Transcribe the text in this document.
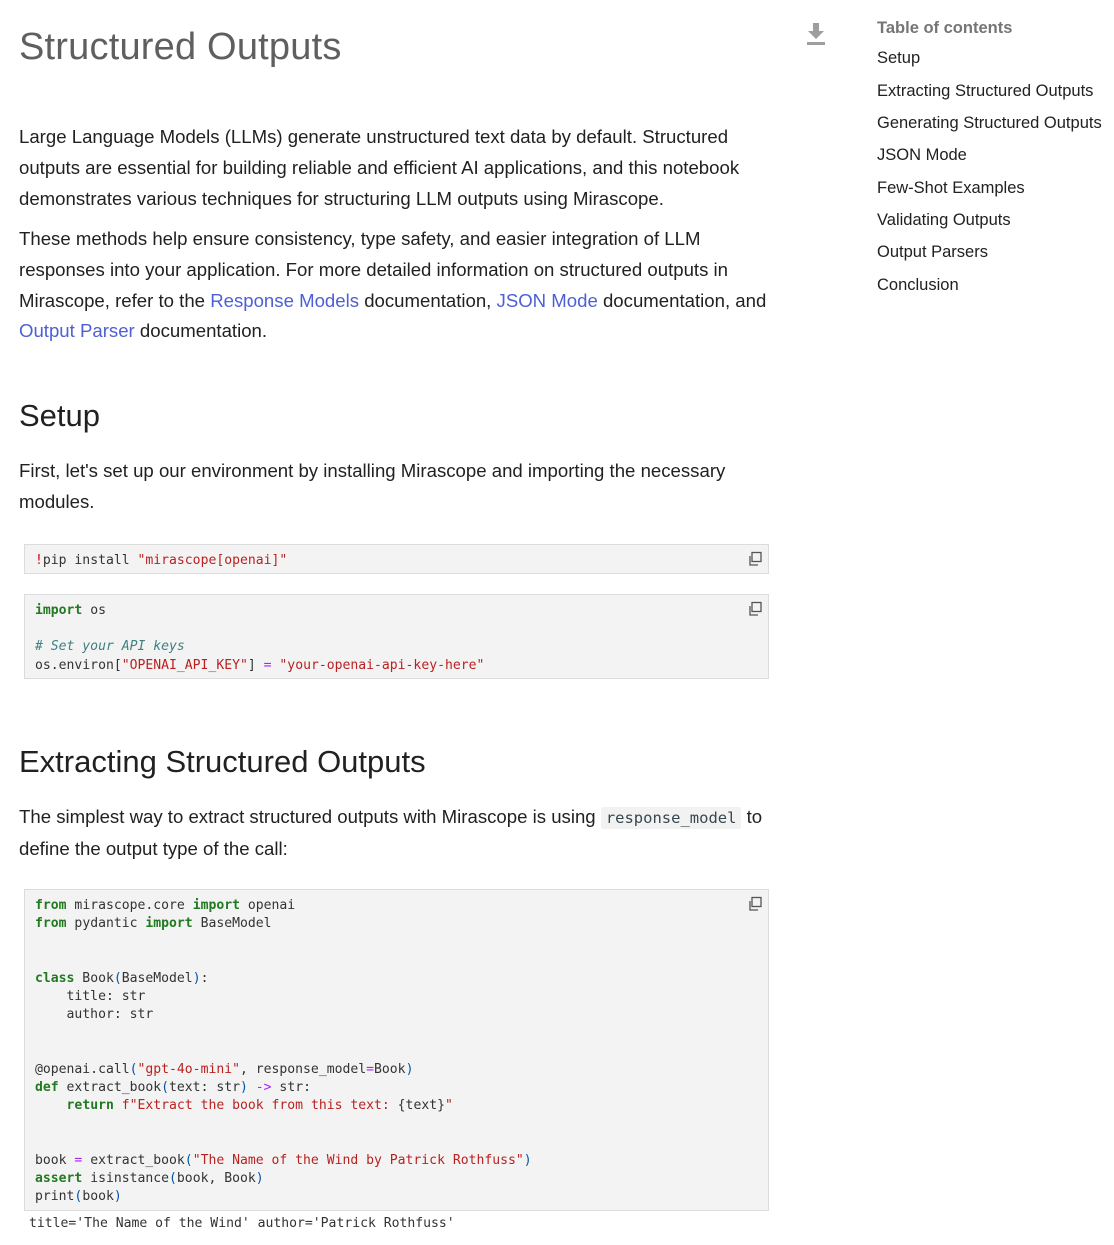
Structured Outputs

Large Language Models (LLMs) generate unstructured text data by default. Structured outputs are essential for building reliable and efficient AI applications, and this notebook demonstrates various techniques for structuring LLM outputs using Mirascope.

These methods help ensure consistency, type safety, and easier integration of LLM responses into your application. For more detailed information on structured outputs in Mirascope, refer to the Response Models documentation, JSON Mode documentation, and Output Parser documentation.

Setup

First, let's set up our environment by installing Mirascope and importing the necessary modules.

!pip install "mirascope[openai]"
import os

# Set your API keys
os.environ["OPENAI_API_KEY"] = "your-openai-api-key-here"
Extracting Structured Outputs

The simplest way to extract structured outputs with Mirascope is using response_model to define the output type of the call:

from mirascope.core import openai
from pydantic import BaseModel

class Book(BaseModel):
title: str
author: str

@openai.call("gpt-4o-mini", response_model=Book)
def extract_book(text: str) -> str:
return f"Extract the book from this text: {text}"

book = extract_book("The Name of the Wind by Patrick Rothfuss")
assert isinstance(book, Book)
print(book)
title='The Name of the Wind' author='Patrick Rothfuss'

Table of contents

Setup
Extracting Structured Outputs
Generating Structured Outputs
JSON Mode
Few-Shot Examples
Validating Outputs
Output Parsers
Conclusion
